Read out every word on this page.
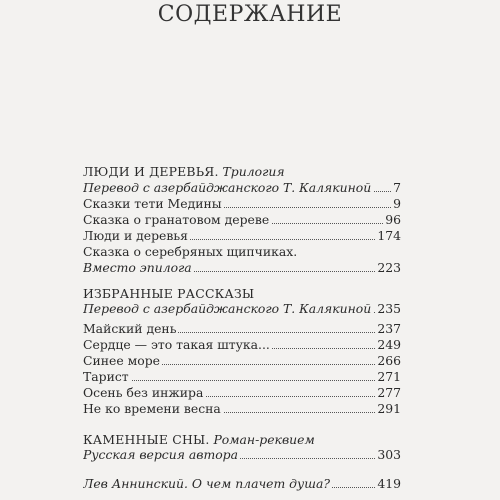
СОДЕРЖАНИЕ
ЛЮДИ И ДЕРЕВЬЯ. Трилогия
Перевод с азербайджанского Т. Калякиной 7
Сказки тети Медины	9
Сказка о гранатовом дереве	96
Люди и деревья	174
Сказка о серебряных щипчиках.
Вместо эпилога	223
ИЗБРАННЫЕ РАССКАЗЫ
Перевод с азербайджанского Т. Калякиной 235
Майский день	237
Сердце — это такая штука...	249
Синее море	266
Тарист	271
Осень без инжира	277
Не ко времени весна	291
КАМЕННЫЕ СНЫ. Роман-реквием
Русская версия автора	303
Лев Аннинский. О чем плачет душа?	419
